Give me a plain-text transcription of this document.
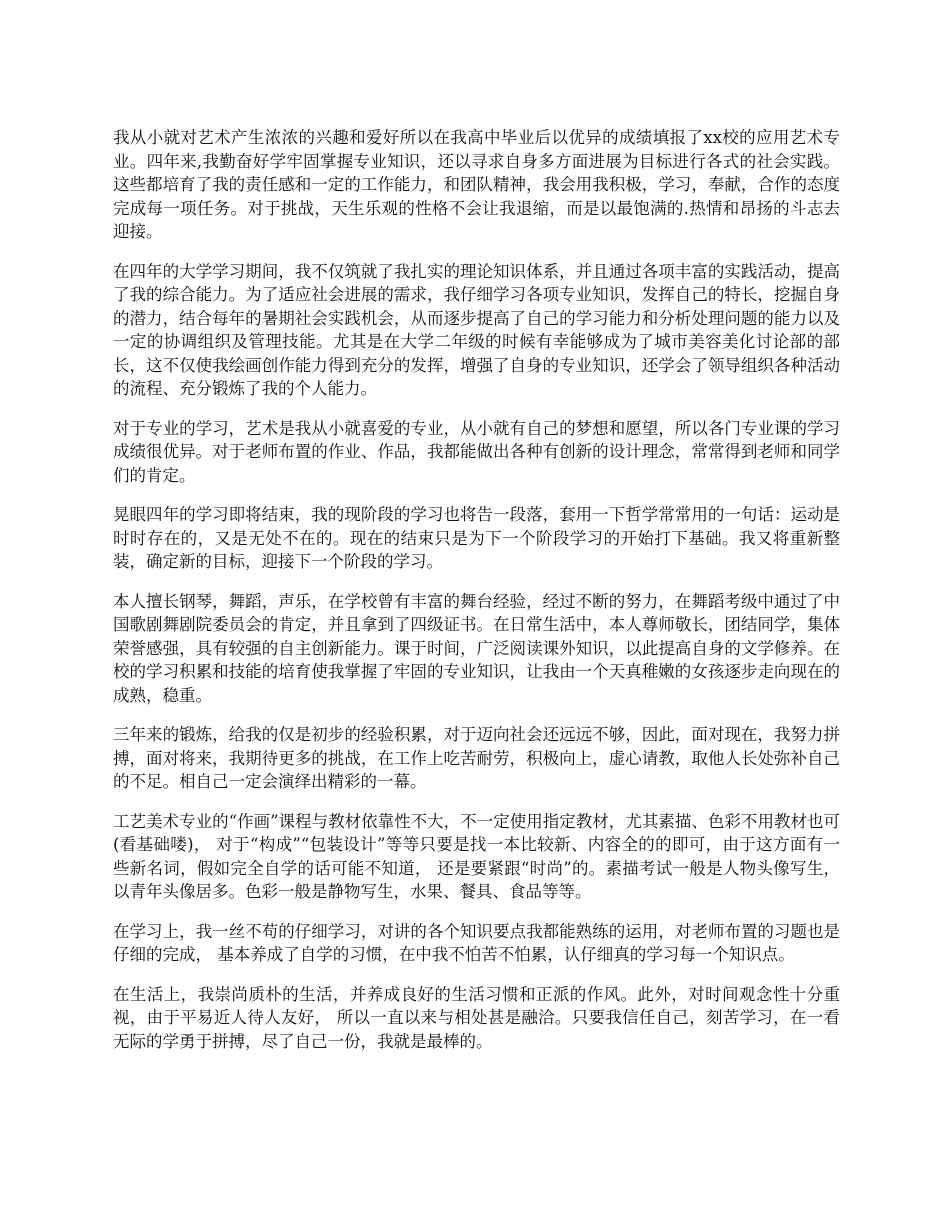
我从小就对艺术产生浓浓的兴趣和爱好所以在我高中毕业后以优异的成绩填报了xx校的应用艺术专业。四年来,我勤奋好学牢固掌握专业知识，还以寻求自身多方面进展为目标进行各式的社会实践。这些都培育了我的责任感和一定的工作能力，和团队精神，我会用我积极，学习，奉献，合作的态度完成每一项任务。对于挑战，天生乐观的性格不会让我退缩，而是以最饱满的.热情和昂扬的斗志去迎接。

在四年的大学学习期间，我不仅筑就了我扎实的理论知识体系，并且通过各项丰富的实践活动，提高了我的综合能力。为了适应社会进展的需求，我仔细学习各项专业知识，发挥自己的特长，挖掘自身的潜力，结合每年的暑期社会实践机会，从而逐步提高了自己的学习能力和分析处理问题的能力以及一定的协调组织及管理技能。尤其是在大学二年级的时候有幸能够成为了城市美容美化讨论部的部长，这不仅使我绘画创作能力得到充分的发挥，增强了自身的专业知识，还学会了领导组织各种活动的流程、充分锻炼了我的个人能力。

对于专业的学习，艺术是我从小就喜爱的专业，从小就有自己的梦想和愿望，所以各门专业课的学习成绩很优异。对于老师布置的作业、作品，我都能做出各种有创新的设计理念，常常得到老师和同学们的肯定。

晃眼四年的学习即将结束，我的现阶段的学习也将告一段落，套用一下哲学常常用的一句话：运动是时时存在的，又是无处不在的。现在的结束只是为下一个阶段学习的开始打下基础。我又将重新整装，确定新的目标，迎接下一个阶段的学习。

本人擅长钢琴，舞蹈，声乐，在学校曾有丰富的舞台经验，经过不断的努力，在舞蹈考级中通过了中国歌剧舞剧院委员会的肯定，并且拿到了四级证书。在日常生活中，本人尊师敬长，团结同学，集体荣誉感强，具有较强的自主创新能力。课于时间，广泛阅读课外知识，以此提高自身的文学修养。在校的学习积累和技能的培育使我掌握了牢固的专业知识，让我由一个天真稚嫩的女孩逐步走向现在的成熟，稳重。

三年来的锻炼，给我的仅是初步的经验积累，对于迈向社会还远远不够，因此，面对现在，我努力拼搏，面对将来，我期待更多的挑战，在工作上吃苦耐劳，积极向上，虚心请教，取他人长处弥补自己的不足。相自己一定会演绎出精彩的一幕。

工艺美术专业的“作画”课程与教材依靠性不大，不一定使用指定教材，尤其素描、色彩不用教材也可(看基础喽)， 对于“构成”“包装设计”等等只要是找一本比较新、内容全的的即可，由于这方面有一些新名词，假如完全自学的话可能不知道， 还是要紧跟“时尚”的。素描考试一般是人物头像写生，以青年头像居多。色彩一般是静物写生，水果、餐具、食品等等。

在学习上，我一丝不苟的仔细学习，对讲的各个知识要点我都能熟练的运用，对老师布置的习题也是仔细的完成， 基本养成了自学的习惯，在中我不怕苦不怕累，认仔细真的学习每一个知识点。

在生活上，我崇尚质朴的生活，并养成良好的生活习惯和正派的作风。此外，对时间观念性十分重视，由于平易近人待人友好， 所以一直以来与相处甚是融洽。只要我信任自己，刻苦学习，在一看无际的学勇于拼搏，尽了自己一份，我就是最棒的。
